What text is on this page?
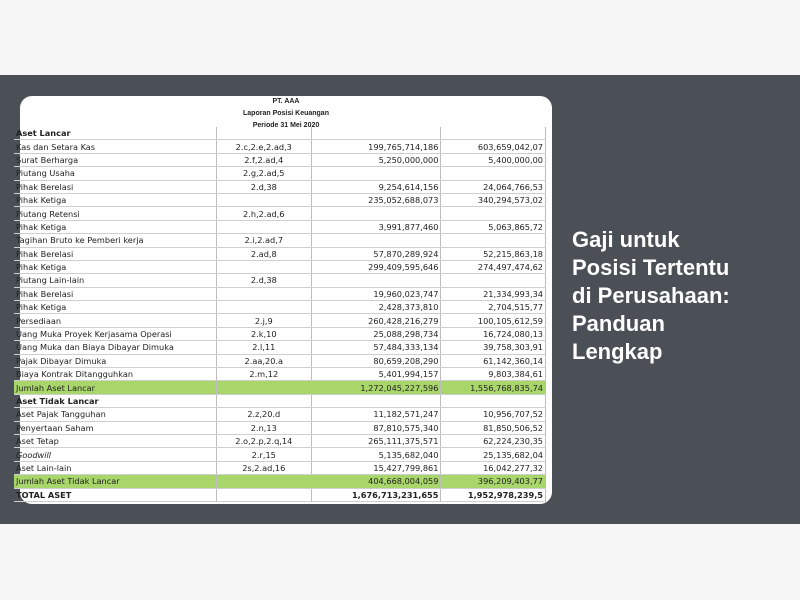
PT. AAA
Laporan Posisi Keuangan
Periode 31 Mei 2020
Aset Lancar			
Kas dan Setara Kas	2.c,2.e,2.ad,3	199,765,714,186	603,659,042,07
Surat Berharga	2.f,2.ad,4	5,250,000,000	5,400,000,00
Piutang Usaha	2.g,2.ad,5		
Pihak Berelasi	2.d,38	9,254,614,156	24,064,766,53
Pihak Ketiga		235,052,688,073	340,294,573,02
Piutang Retensi	2.h,2.ad,6		
Pihak Ketiga		3,991,877,460	5,063,865,72
Tagihan Bruto ke Pemberi kerja	2.i,2.ad,7		
Pihak Berelasi	2.ad,8	57,870,289,924	52,215,863,18
Pihak Ketiga		299,409,595,646	274,497,474,62
Piutang Lain-lain	2.d,38		
Pihak Berelasi		19,960,023,747	21,334,993,34
Pihak Ketiga		2,428,373,810	2,704,515,77
Persediaan	2.j,9	260,428,216,279	100,105,612,59
Uang Muka Proyek Kerjasama Operasi	2.k,10	25,088,298,734	16,724,080,13
Uang Muka dan Biaya Dibayar Dimuka	2.l,11	57,484,333,134	39,758,303,91
Pajak Dibayar Dimuka	2.aa,20.a	80,659,208,290	61,142,360,14
Biaya Kontrak Ditangguhkan	2.m,12	5,401,994,157	9,803,384,61
Jumlah Aset Lancar		1,272,045,227,596	1,556,768,835,74
Aset Tidak Lancar			
Aset Pajak Tangguhan	2.z,20.d	11,182,571,247	10,956,707,52
Penyertaan Saham	2.n,13	87,810,575,340	81,850,506,52
Aset Tetap	2.o,2.p,2.q,14	265,111,375,571	62,224,230,35
Goodwill	2.r,15	5,135,682,040	25,135,682,04
Aset Lain-lain	2s,2.ad,16	15,427,799,861	16,042,277,32
Jumlah Aset Tidak Lancar		404,668,004,059	396,209,403,77
TOTAL ASET		1,676,713,231,655	1,952,978,239,5
Gaji untuk
Posisi Tertentu
di Perusahaan:
Panduan
Lengkap
